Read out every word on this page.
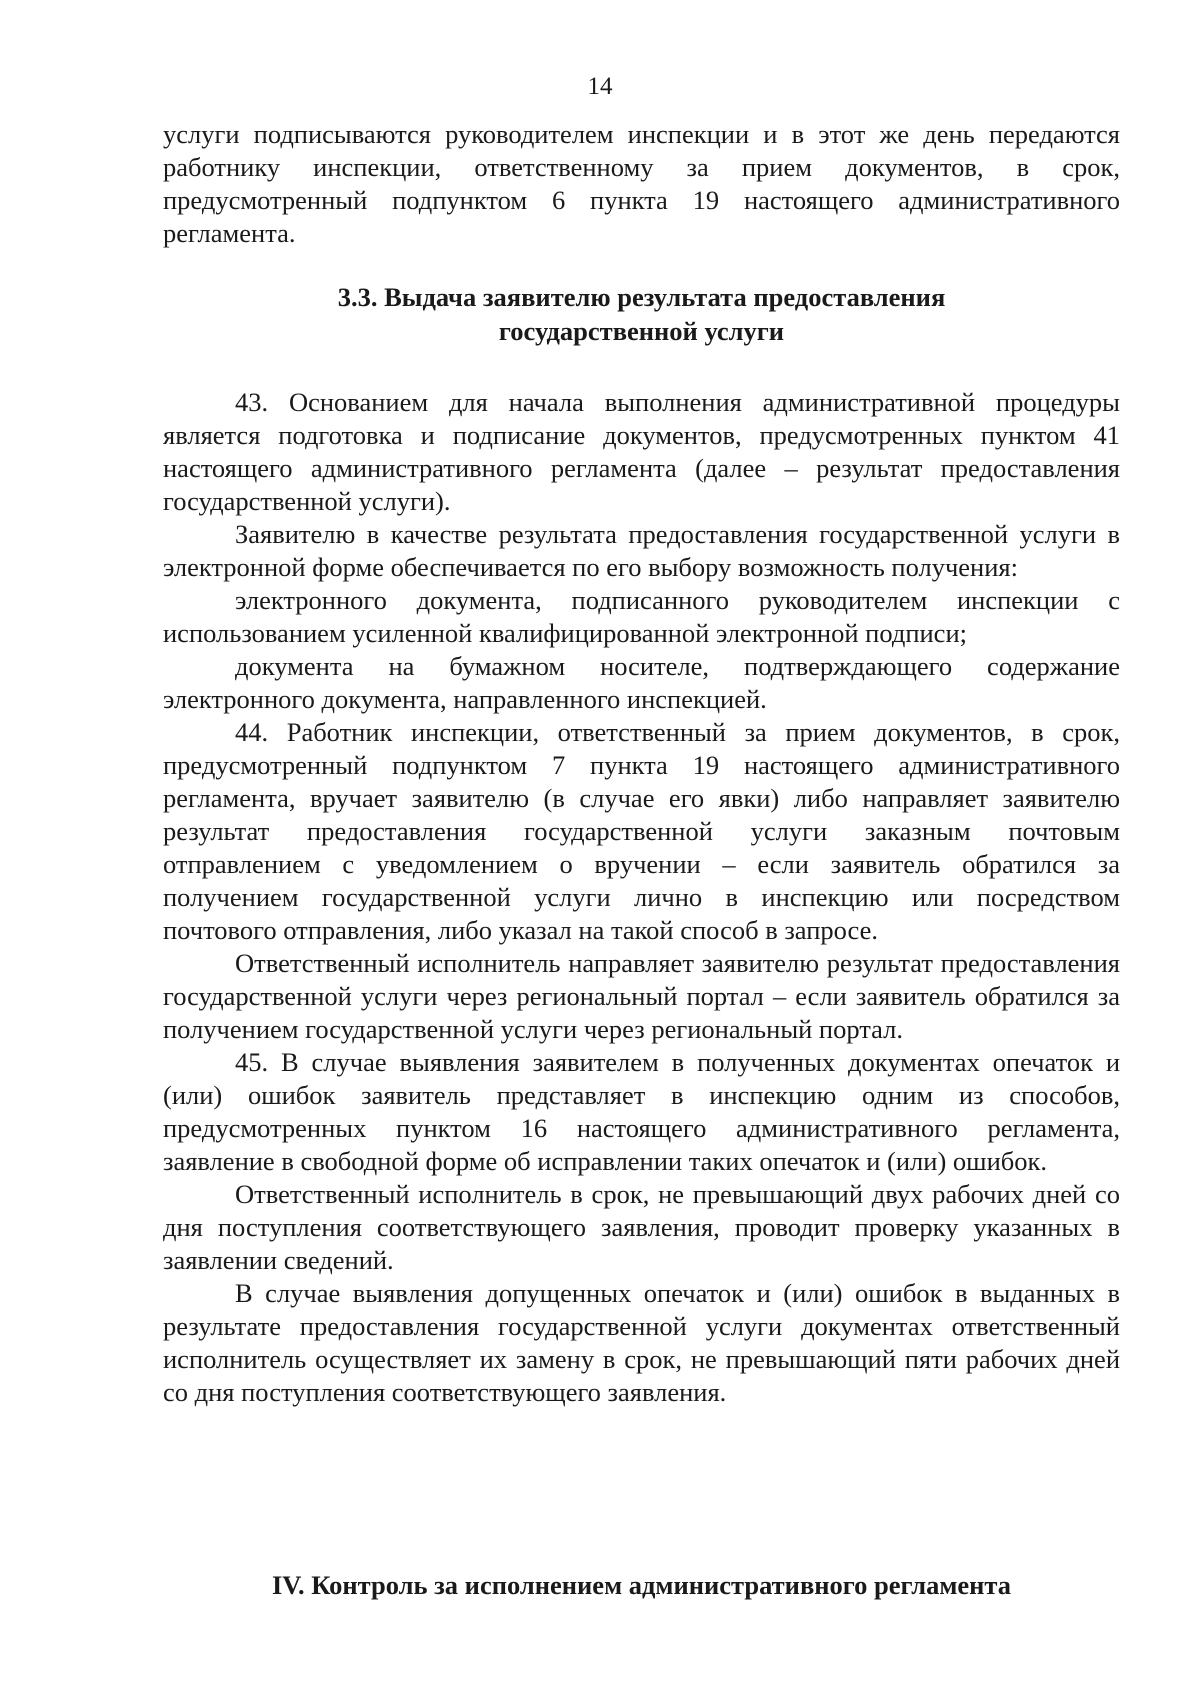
14

услуги подписываются руководителем инспекции и в этот же день передаются работнику инспекции, ответственному за прием документов, в срок, предусмотренный подпунктом 6 пункта 19 настоящего административного регламента.

3.3. Выдача заявителю результата предоставления
государственной услуги

43. Основанием для начала выполнения административной процедуры является подготовка и подписание документов, предусмотренных пунктом 41 настоящего административного регламента (далее – результат предоставления государственной услуги).

Заявителю в качестве результата предоставления государственной услуги в электронной форме обеспечивается по его выбору возможность получения:

электронного документа, подписанного руководителем инспекции с использованием усиленной квалифицированной электронной подписи;

документа на бумажном носителе, подтверждающего содержание электронного документа, направленного инспекцией.

44. Работник инспекции, ответственный за прием документов, в срок, предусмотренный подпунктом 7 пункта 19 настоящего административного регламента, вручает заявителю (в случае его явки) либо направляет заявителю результат предоставления государственной услуги заказным почтовым отправлением с уведомлением о вручении – если заявитель обратился за получением государственной услуги лично в инспекцию или посредством почтового отправления, либо указал на такой способ в запросе.

Ответственный исполнитель направляет заявителю результат предоставления государственной услуги через региональный портал – если заявитель обратился за получением государственной услуги через региональный портал.

45. В случае выявления заявителем в полученных документах опечаток и (или) ошибок заявитель представляет в инспекцию одним из способов, предусмотренных пунктом 16 настоящего административного регламента, заявление в свободной форме об исправлении таких опечаток и (или) ошибок.

Ответственный исполнитель в срок, не превышающий двух рабочих дней со дня поступления соответствующего заявления, проводит проверку указанных в заявлении сведений.

В случае выявления допущенных опечаток и (или) ошибок в выданных в результате предоставления государственной услуги документах ответственный исполнитель осуществляет их замену в срок, не превышающий пяти рабочих дней со дня поступления соответствующего заявления.

IV. Контроль за исполнением административного регламента
